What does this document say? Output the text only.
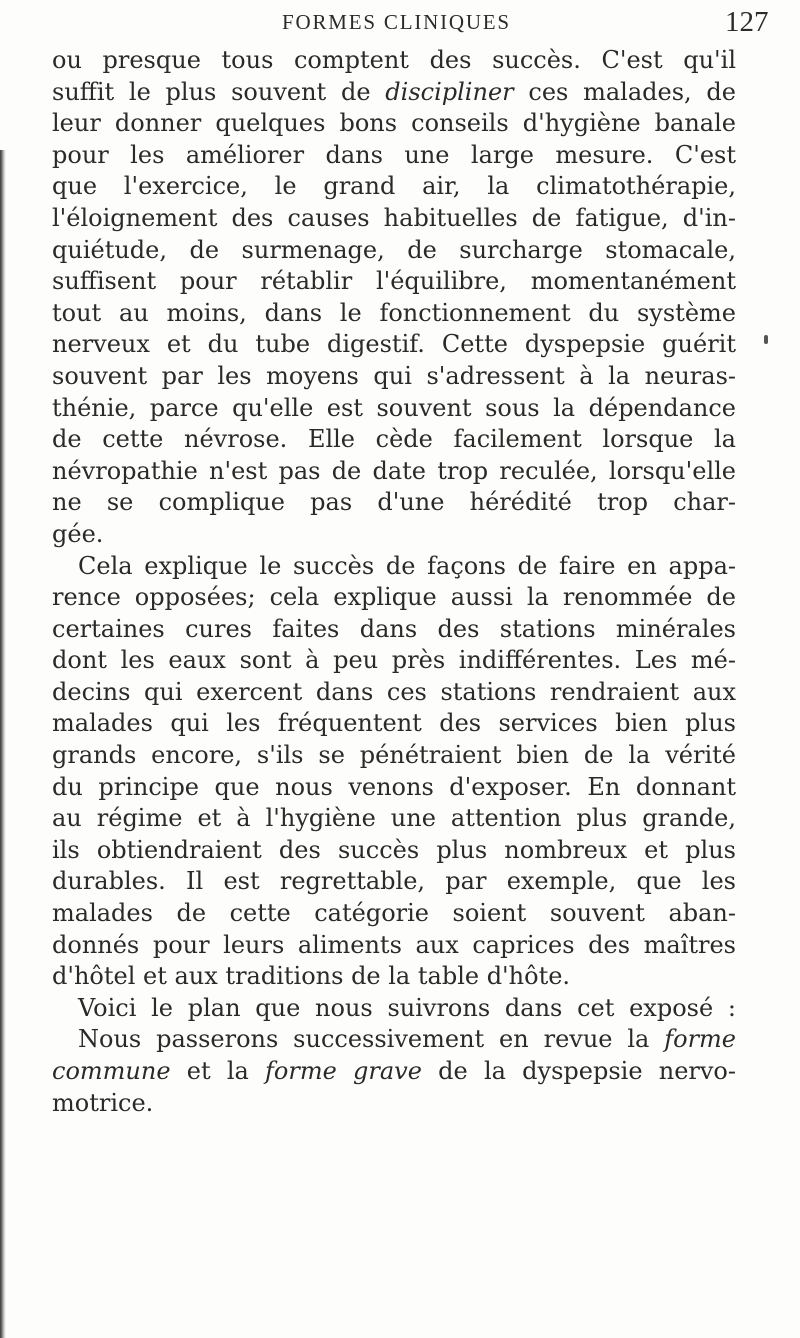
FORMES CLINIQUES	127
ou presque tous comptent des succès. C'est qu'il
suffit le plus souvent de discipliner ces malades, de
leur donner quelques bons conseils d'hygiène banale
pour les améliorer dans une large mesure. C'est
que l'exercice, le grand air, la climatothérapie,
l'éloignement des causes habituelles de fatigue, d'in-
quiétude, de surmenage, de surcharge stomacale,
suffisent pour rétablir l'équilibre, momentanément
tout au moins, dans le fonctionnement du système
nerveux et du tube digestif. Cette dyspepsie guérit
souvent par les moyens qui s'adressent à la neuras-
thénie, parce qu'elle est souvent sous la dépendance
de cette névrose. Elle cède facilement lorsque la
névropathie n'est pas de date trop reculée, lorsqu'elle
ne se complique pas d'une hérédité trop char-
gée.
Cela explique le succès de façons de faire en appa-
rence opposées; cela explique aussi la renommée de
certaines cures faites dans des stations minérales
dont les eaux sont à peu près indifférentes. Les mé-
decins qui exercent dans ces stations rendraient aux
malades qui les fréquentent des services bien plus
grands encore, s'ils se pénétraient bien de la vérité
du principe que nous venons d'exposer. En donnant
au régime et à l'hygiène une attention plus grande,
ils obtiendraient des succès plus nombreux et plus
durables. Il est regrettable, par exemple, que les
malades de cette catégorie soient souvent aban-
donnés pour leurs aliments aux caprices des maîtres
d'hôtel et aux traditions de la table d'hôte.
Voici le plan que nous suivrons dans cet exposé :
Nous passerons successivement en revue la forme
commune et la forme grave de la dyspepsie nervo-
motrice.
